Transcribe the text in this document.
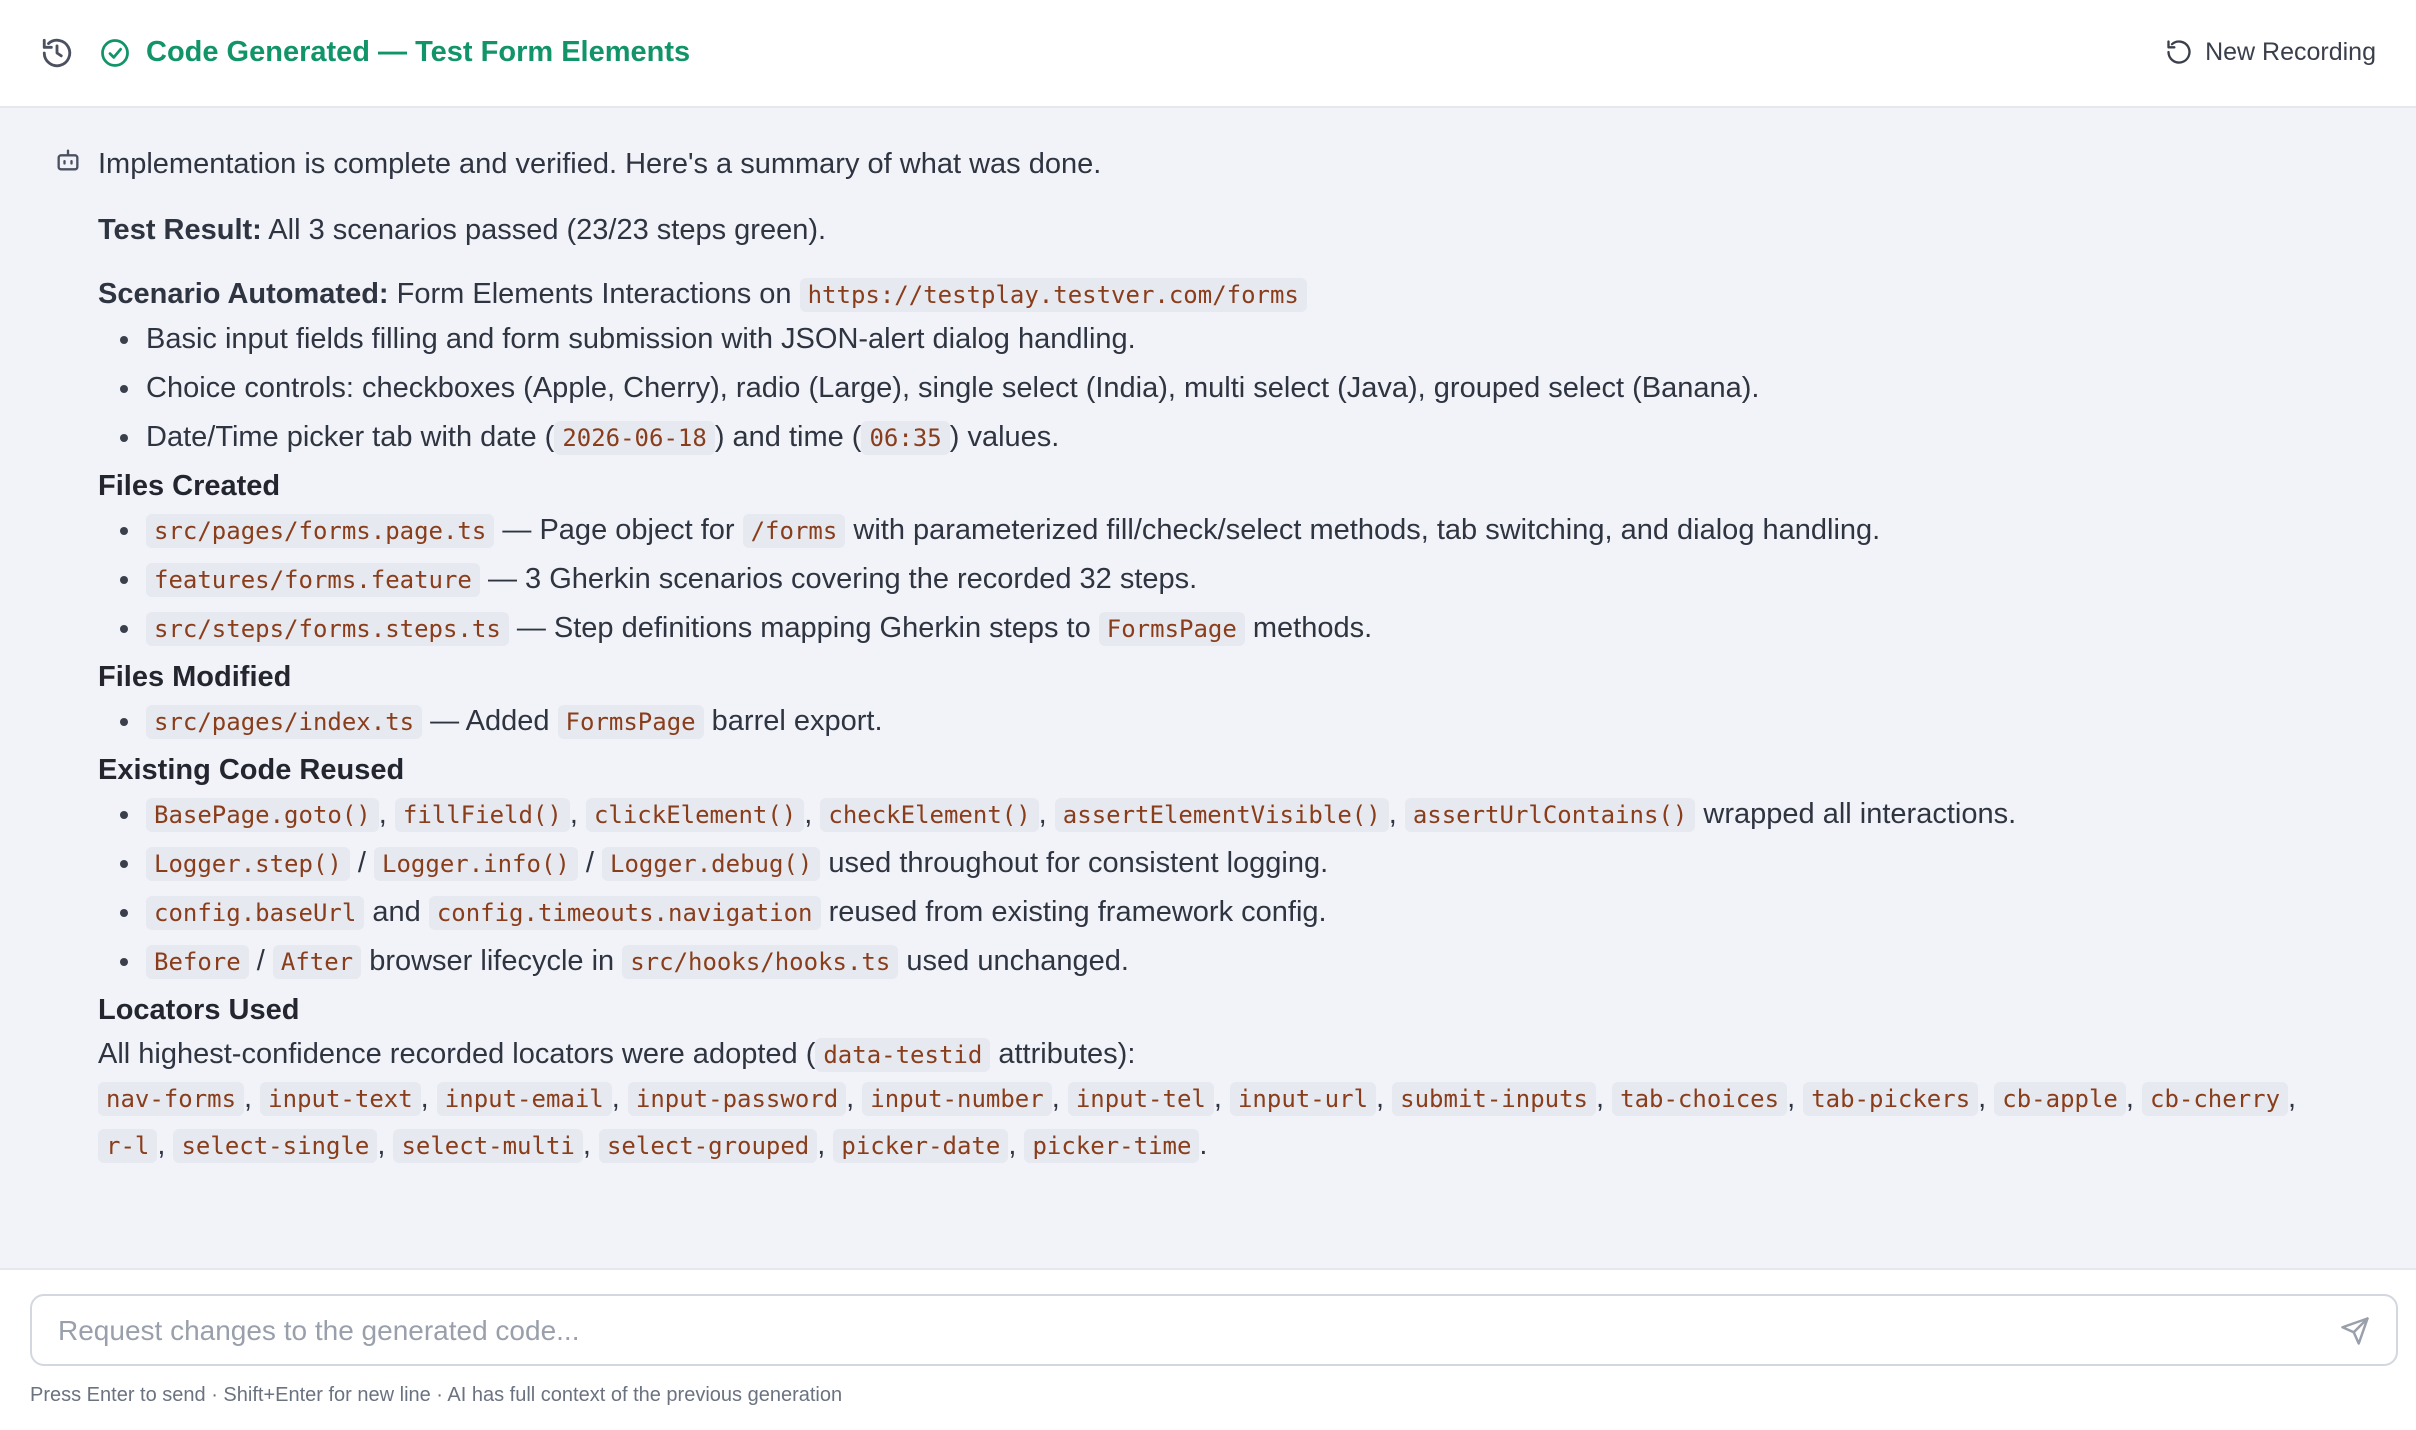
Code Generated — Test Form Elements	New Recording

Implementation is complete and verified. Here's a summary of what was done.

Test Result: All 3 scenarios passed (23/23 steps green).

Scenario Automated: Form Elements Interactions on https://testplay.testver.com/forms

Basic input fields filling and form submission with JSON-alert dialog handling.
Choice controls: checkboxes (Apple, Cherry), radio (Large), single select (India), multi select (Java), grouped select (Banana).
Date/Time picker tab with date ( 2026-06-18 ) and time ( 06:35 ) values.
Files Created
src/pages/forms.page.ts — Page object for /forms with parameterized fill/check/select methods, tab switching, and dialog handling.
features/forms.feature — 3 Gherkin scenarios covering the recorded 32 steps.
src/steps/forms.steps.ts — Step definitions mapping Gherkin steps to FormsPage methods.
Files Modified
src/pages/index.ts — Added FormsPage barrel export.
Existing Code Reused
BasePage.goto() , fillField() , clickElement() , checkElement() , assertElementVisible() , assertUrlContains() wrapped all interactions.
Logger.step() / Logger.info() / Logger.debug() used throughout for consistent logging.
config.baseUrl and config.timeouts.navigation reused from existing framework config.
Before / After browser lifecycle in src/hooks/hooks.ts used unchanged.
Locators Used

All highest-confidence recorded locators were adopted ( data-testid attributes):

nav-forms , input-text , input-email , input-password , input-number , input-tel , input-url , submit-inputs , tab-choices , tab-pickers , cb-apple , cb-cherry , r-l , select-single , select-multi , select-grouped , picker-date , picker-time .

Request changes to the generated code...
Press Enter to send · Shift+Enter for new line · AI has full context of the previous generation
